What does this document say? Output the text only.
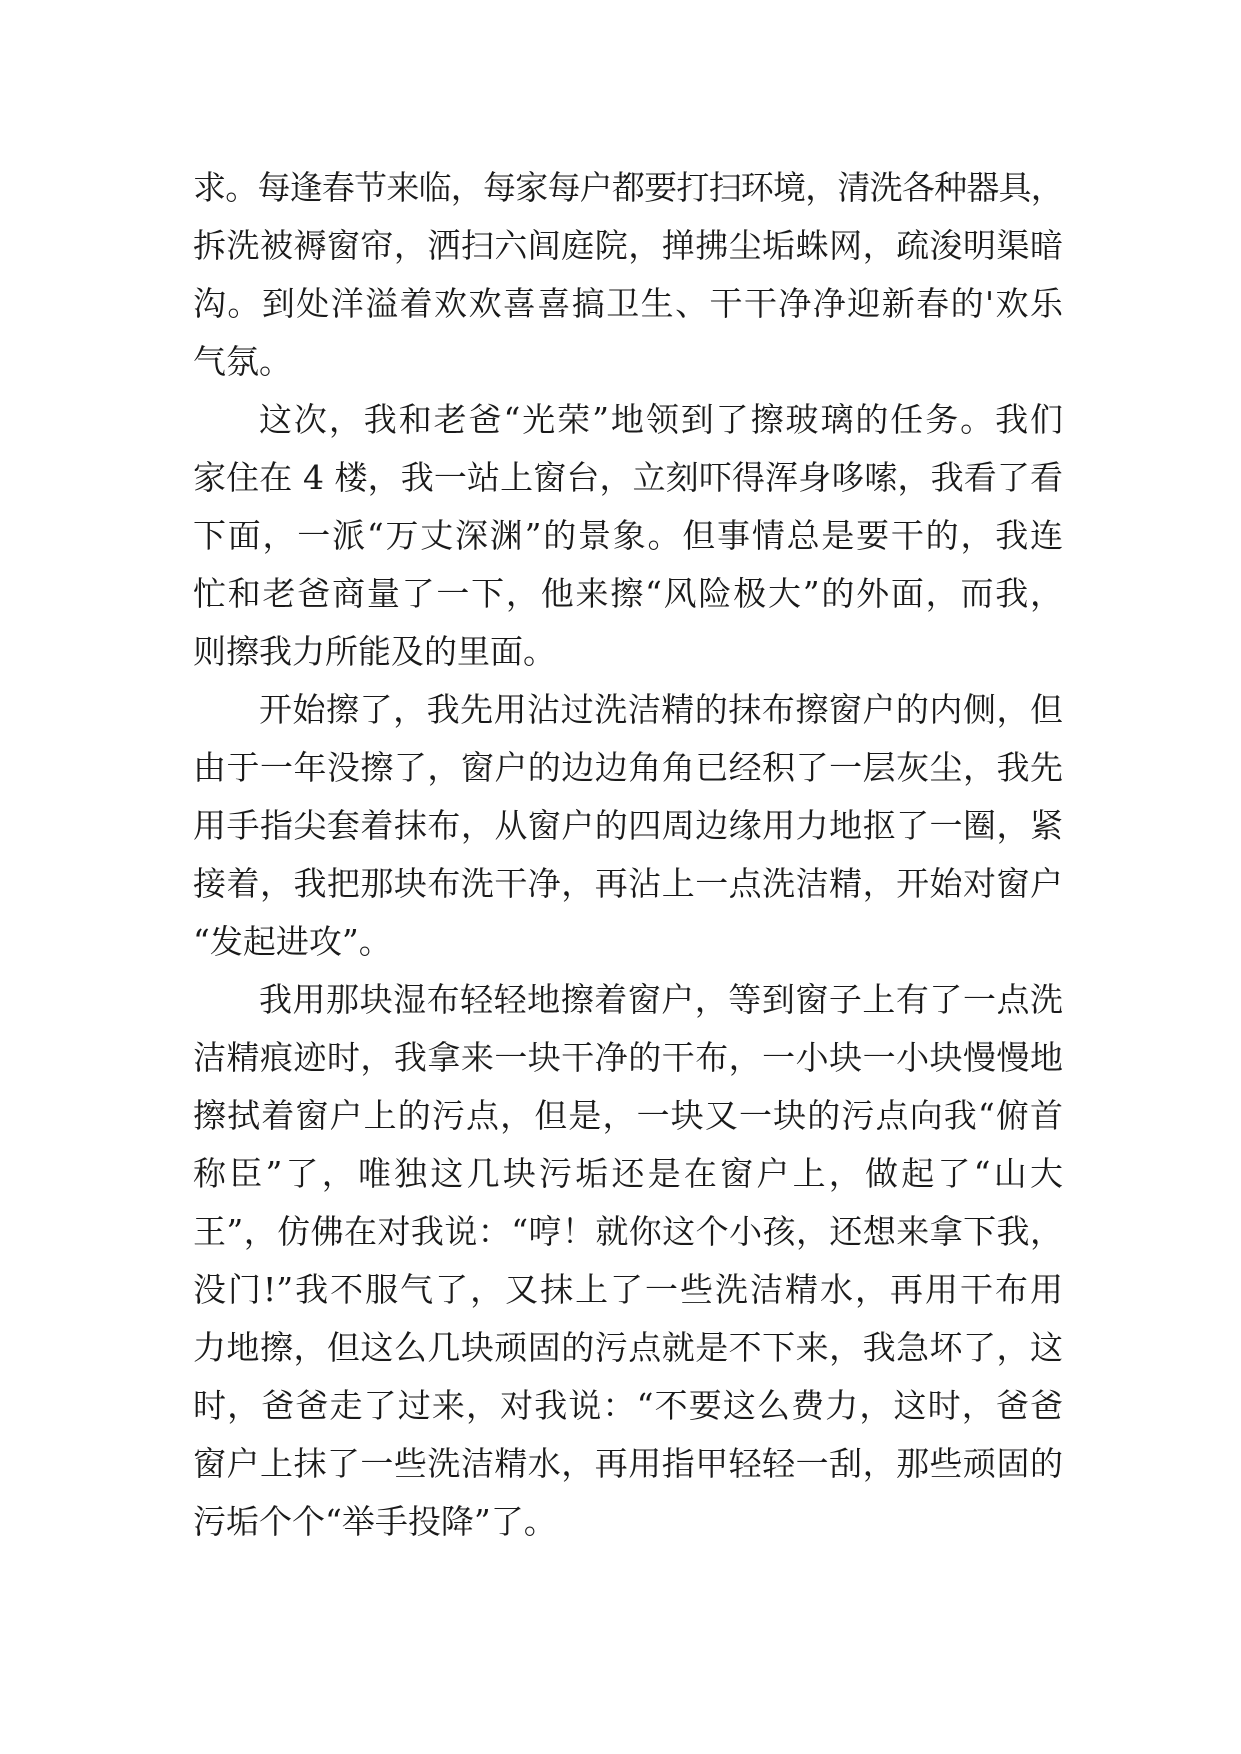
求。每逢春节来临，每家每户都要打扫环境，清洗各种器具，
拆洗被褥窗帘，洒扫六闾庭院，掸拂尘垢蛛网，疏浚明渠暗
沟。到处洋溢着欢欢喜喜搞卫生、干干净净迎新春的'欢乐
气氛。
这次，我和老爸“光荣”地领到了擦玻璃的任务。我们
家住在 4 楼，我一站上窗台，立刻吓得浑身哆嗦，我看了看
下面，一派“万丈深渊”的景象。但事情总是要干的，我连
忙和老爸商量了一下，他来擦“风险极大”的外面，而我，
则擦我力所能及的里面。
开始擦了，我先用沾过洗洁精的抹布擦窗户的内侧，但
由于一年没擦了，窗户的边边角角已经积了一层灰尘，我先
用手指尖套着抹布，从窗户的四周边缘用力地抠了一圈，紧
接着，我把那块布洗干净，再沾上一点洗洁精，开始对窗户
“发起进攻”。
我用那块湿布轻轻地擦着窗户，等到窗子上有了一点洗
洁精痕迹时，我拿来一块干净的干布，一小块一小块慢慢地
擦拭着窗户上的污点，但是，一块又一块的污点向我“俯首
称臣”了，唯独这几块污垢还是在窗户上，做起了“山大
王”，仿佛在对我说：“哼！就你这个小孩，还想来拿下我，
没门!”我不服气了，又抹上了一些洗洁精水，再用干布用
力地擦，但这么几块顽固的污点就是不下来，我急坏了，这
时，爸爸走了过来，对我说：“不要这么费力，这时，爸爸
窗户上抹了一些洗洁精水，再用指甲轻轻一刮，那些顽固的
污垢个个“举手投降”了。
